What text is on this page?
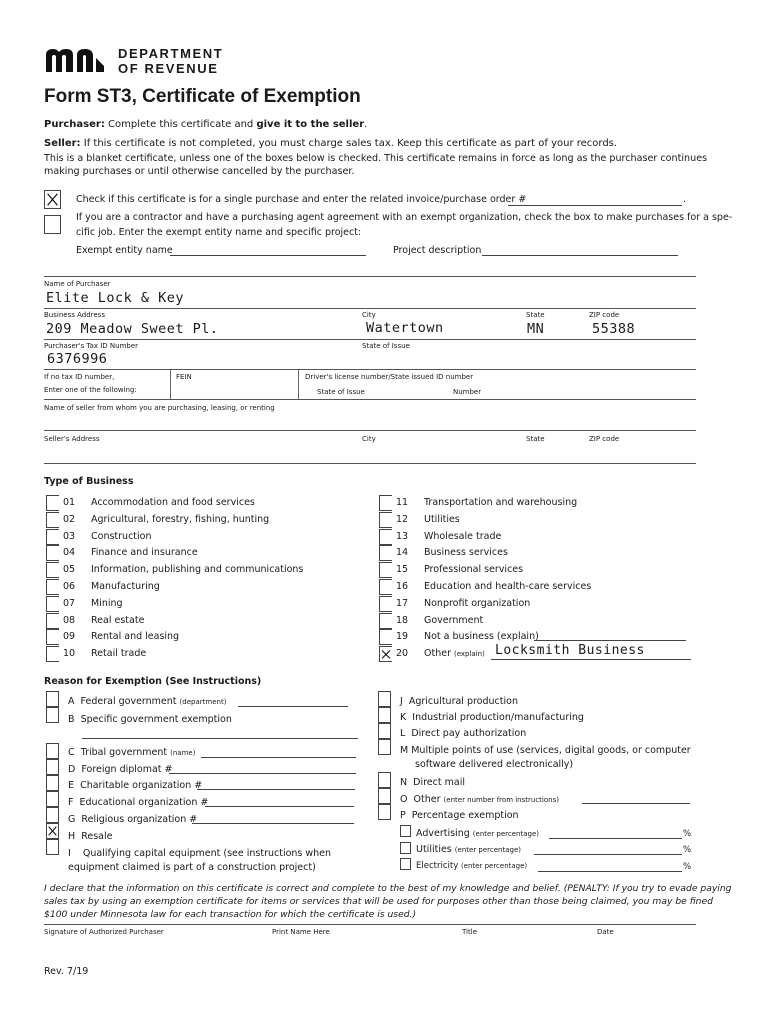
DEPARTMENT
OF REVENUE
Form ST3, Certificate of Exemption
Purchaser: Complete this certificate and give it to the seller.
Seller: If this certificate is not completed, you must charge sales tax. Keep this certificate as part of your records.
This is a blanket certificate, unless one of the boxes below is checked. This certificate remains in force as long as the purchaser continues
making purchases or until otherwise cancelled by the purchaser.
Check if this certificate is for a single purchase and enter the related invoice/purchase order #	.
If you are a contractor and have a purchasing agent agreement with an exempt organization, check the box to make purchases for a spe-
cific job. Enter the exempt entity name and specific project:
Exempt entity name	Project description
Name of Purchaser
Elite Lock & Key
Business Address	City	State	ZIP code
209 Meadow Sweet Pl.	Watertown	MN	55388
Purchaser's Tax ID Number	State of Issue
6376996
If no tax ID number,
Enter one of the following:
FEIN	Driver's license number/State issued ID number
State of Issue	Number
Name of seller from whom you are purchasing, leasing, or renting
Seller's Address	City	State	ZIP code
Type of Business
Reason for Exemption (See Instructions)
A Federal government (department)
B Specific government exemption
C Tribal government (name)
D Foreign diplomat #
E Charitable organization #
F Educational organization #
G Religious organization #
H Resale
I Qualifying capital equipment (see instructions when
equipment claimed is part of a construction project)
J Agricultural production
K Industrial production/manufacturing
L Direct pay authorization
M Multiple points of use (services, digital goods, or computer
software delivered electronically)
N Direct mail
O Other (enter number from instructions)
P Percentage exemption
Advertising (enter percentage)	%
Utilities (enter percentage)	%
Electricity (enter percentage)	%
I declare that the information on this certificate is correct and complete to the best of my knowledge and belief. (PENALTY: If you try to evade paying
sales tax by using an exemption certificate for items or services that will be used for purposes other than those being claimed, you may be fined
$100 under Minnesota law for each transaction for which the certificate is used.)
Signature of Authorized Purchaser	Print Name Here	Title	Date
Rev. 7/19
01 Accommodation and food services
02 Agricultural, forestry, fishing, hunting
03 Construction
04 Finance and insurance
05 Information, publishing and communications
06 Manufacturing
07 Mining
08 Real estate
09 Rental and leasing
10 Retail trade
11 Transportation and warehousing
12 Utilities
13 Wholesale trade
14 Business services
15 Professional services
16 Education and health-care services
17 Nonprofit organization
18 Government
19 Not a business (explain)
20 Other (explain) Locksmith Business
